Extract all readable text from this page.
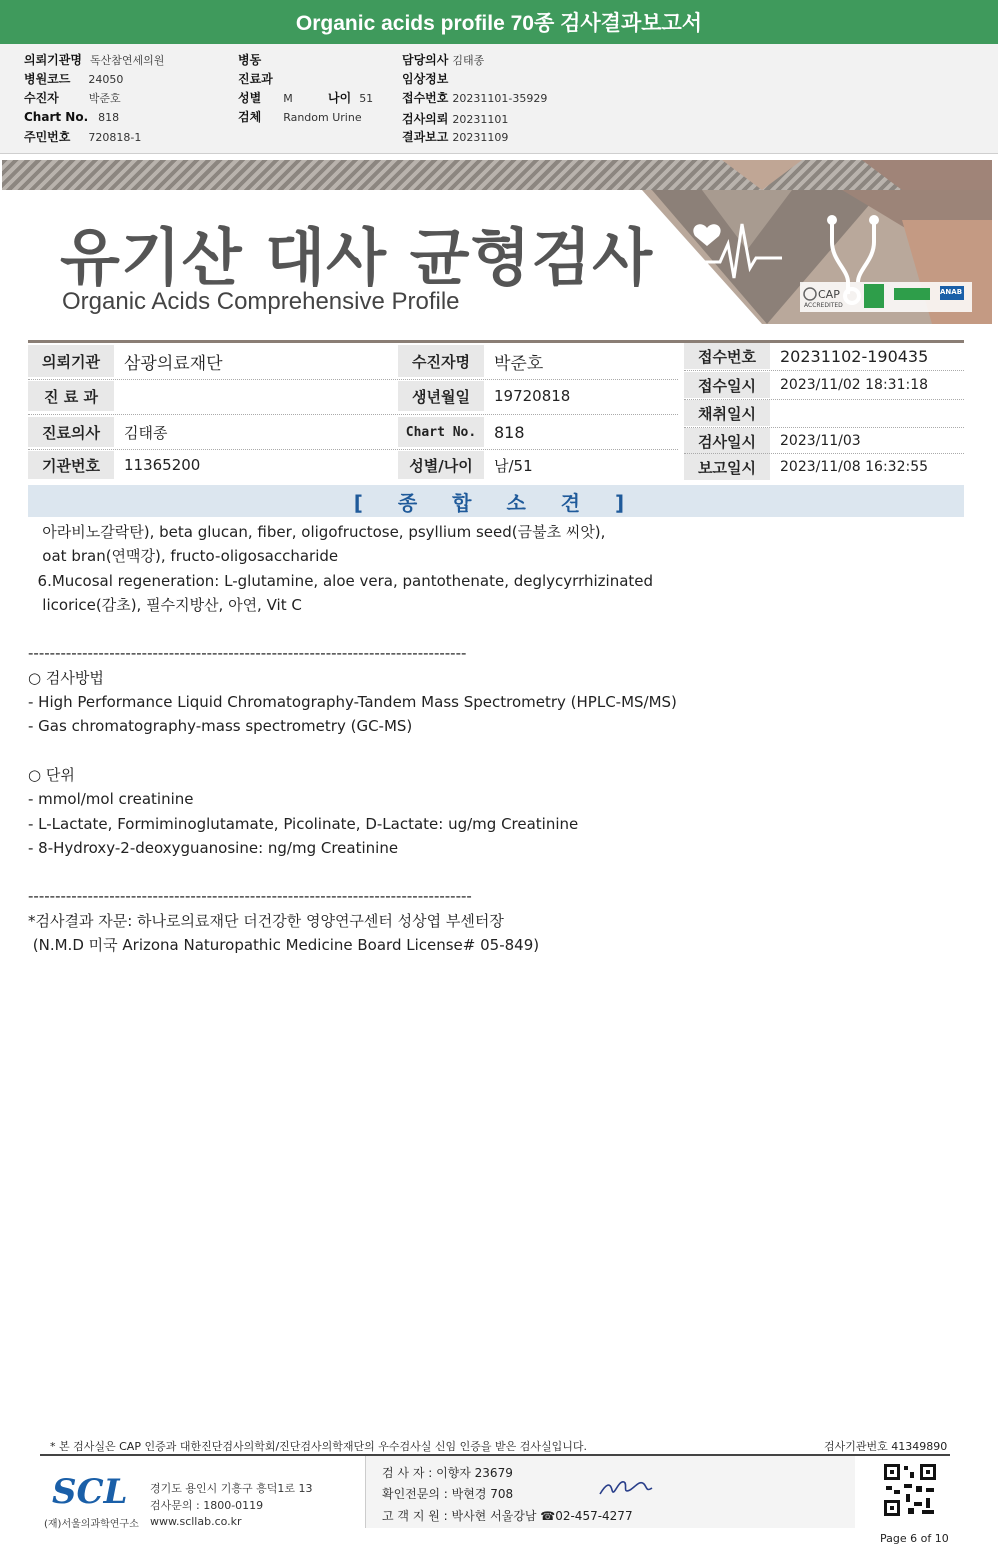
Organic acids profile 70종 검사결과보고서
의뢰기관명 독산참연세의원
병원코드 24050
수진자	박준호
Chart No. 818
주민번호 720818-1
병동
진료과
성별 M	나이 51
검체 Random Urine
담당의사 김태종
임상정보
접수번호 20231101-35929
검사의뢰 20231101
결과보고 20231109
CAP
ACCREDITED
ANAB
유기산 대사 균형검사
Organic Acids Comprehensive Profile
의뢰기관	삼광의료재단
진 료 과
진료의사	김태종
기관번호	11365200
수진자명	박준호
생년월일	19720818
Chart No.	818
성별/나이	남/51
접수번호	20231102-190435
접수일시	2023/11/02 18:31:18
채취일시
검사일시	2023/11/03
보고일시	2023/11/08 16:32:55
[ 종 합 소 견 ]
아라비노갈락탄), beta glucan, fiber, oligofructose, psyllium seed(금불초 씨앗),
oat bran(연맥강), fructo-oligosaccharide
6.Mucosal regeneration: L-glutamine, aloe vera, pantothenate, deglycyrrhizinated
licorice(감초), 필수지방산, 아연, Vit C
---------------------------------------------------------------------------------
○ 검사방법
- High Performance Liquid Chromatography-Tandem Mass Spectrometry (HPLC-MS/MS)
- Gas chromatography-mass spectrometry (GC-MS)
○ 단위
- mmol/mol creatinine
- L-Lactate, Formiminoglutamate, Picolinate, D-Lactate: ug/mg Creatinine
- 8-Hydroxy-2-deoxyguanosine: ng/mg Creatinine
----------------------------------------------------------------------------------
*검사결과 자문: 하나로의료재단 더건강한 영양연구센터 성상엽 부센터장
(N.M.D 미국 Arizona Naturopathic Medicine Board License# 05-849)
* 본 검사실은 CAP 인증과 대한진단검사의학회/진단검사의학재단의 우수검사실 신임 인증을 받은 검사실입니다.	검사기관번호 41349890
SCL
(재)서울의과학연구소
경기도 용인시 기흥구 흥덕1로 13
검사문의 : 1800-0119
www.scllab.co.kr
검 사 자 : 이향자 23679
확인전문의 : 박현경 708
고 객 지 원 : 박사현 서울강남 ☎02-457-4277
Page 6 of 10
